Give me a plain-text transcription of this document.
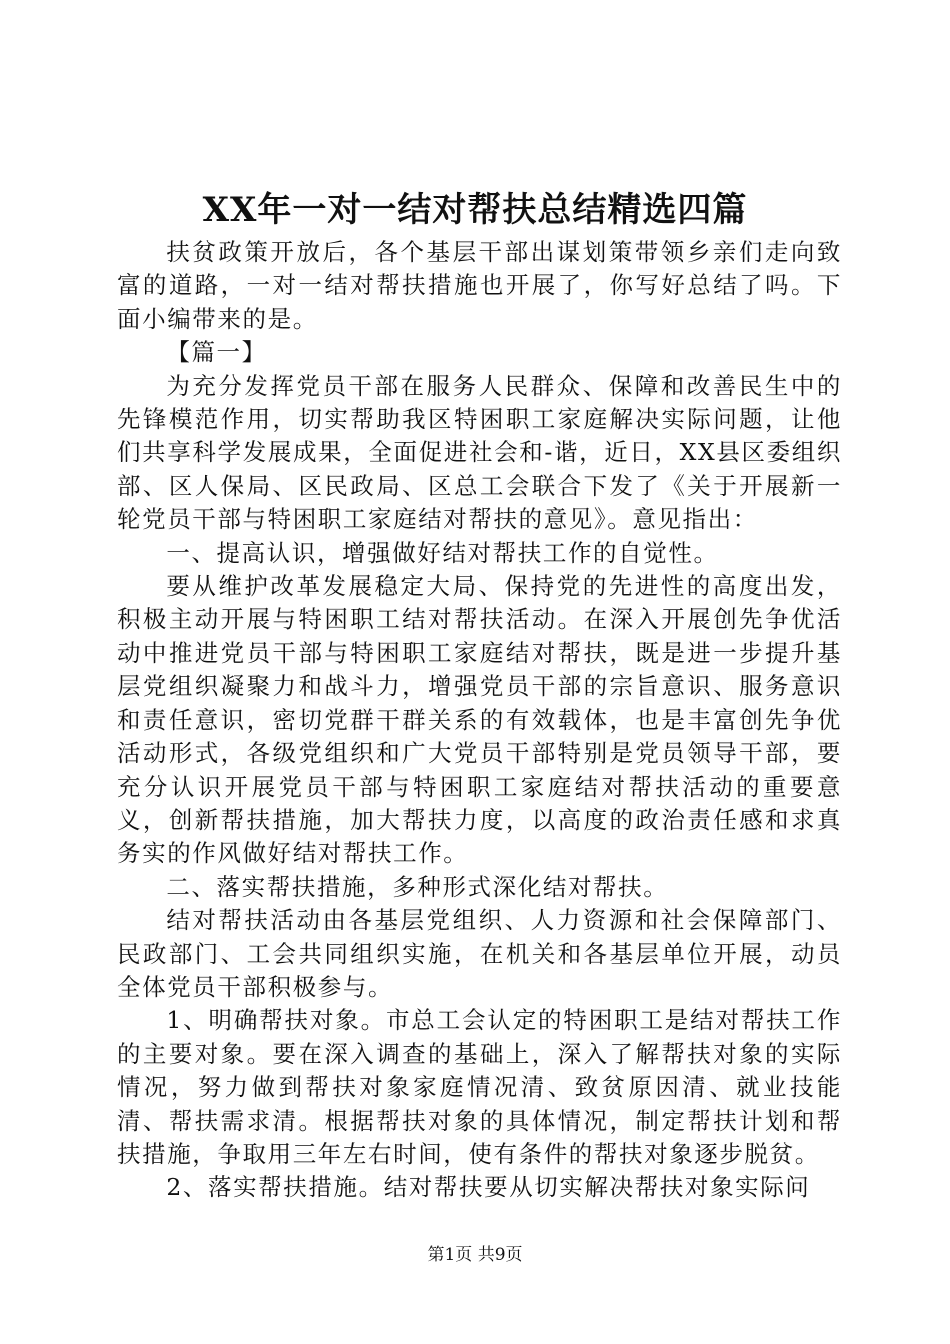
XX年一对一结对帮扶总结精选四篇

扶贫政策开放后，各个基层干部出谋划策带领乡亲们走向致富的道路，一对一结对帮扶措施也开展了，你写好总结了吗。下面小编带来的是。

【篇一】

为充分发挥党员干部在服务人民群众、保障和改善民生中的先锋模范作用，切实帮助我区特困职工家庭解决实际问题，让他们共享科学发展成果，全面促进社会和-谐，近日，XX县区委组织部、区人保局、区民政局、区总工会联合下发了《关于开展新一轮党员干部与特困职工家庭结对帮扶的意见》。意见指出：

一、提高认识，增强做好结对帮扶工作的自觉性。

要从维护改革发展稳定大局、保持党的先进性的高度出发，积极主动开展与特困职工结对帮扶活动。在深入开展创先争优活动中推进党员干部与特困职工家庭结对帮扶，既是进一步提升基层党组织凝聚力和战斗力，增强党员干部的宗旨意识、服务意识和责任意识，密切党群干群关系的有效载体，也是丰富创先争优活动形式，各级党组织和广大党员干部特别是党员领导干部，要充分认识开展党员干部与特困职工家庭结对帮扶活动的重要意义，创新帮扶措施，加大帮扶力度，以高度的政治责任感和求真务实的作风做好结对帮扶工作。

二、落实帮扶措施，多种形式深化结对帮扶。

结对帮扶活动由各基层党组织、人力资源和社会保障部门、民政部门、工会共同组织实施，在机关和各基层单位开展，动员全体党员干部积极参与。

1、明确帮扶对象。市总工会认定的特困职工是结对帮扶工作的主要对象。要在深入调查的基础上，深入了解帮扶对象的实际情况，努力做到帮扶对象家庭情况清、致贫原因清、就业技能清、帮扶需求清。根据帮扶对象的具体情况，制定帮扶计划和帮扶措施，争取用三年左右时间，使有条件的帮扶对象逐步脱贫。

2、落实帮扶措施。结对帮扶要从切实解决帮扶对象实际问

第1页 共9页
